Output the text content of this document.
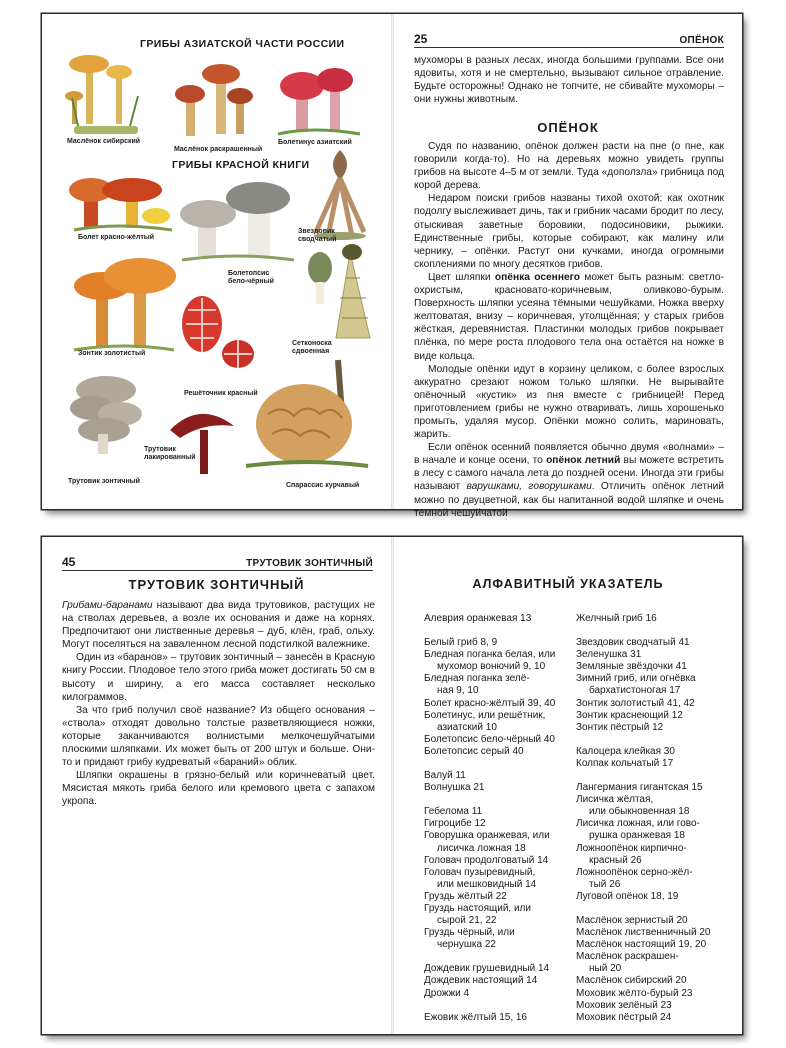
ГРИБЫ АЗИАТСКОЙ ЧАСТИ РОССИИ
ГРИБЫ КРАСНОЙ КНИГИ
Маслёнок сибирский
Маслёнок раскрашенный
Болетинус азиатский
Болет красно-жёлтый
Болетопсис бело-чёрный
Звездовик сводчатый
Зонтик золотистый
Сетконоска сдвоенная
Решёточник красный
Трутовик зонтичный
Трутовик лакированный
Спарассис курчавый
25	ОПЁНОК

мухоморы в разных лесах, иногда большими группами. Все они ядовиты, хотя и не смертельно, вызывают сильное отравление. Будьте осторожны! Однако не топчите, не сбивайте мухоморы – они нужны животным.

ОПЁНОК

Судя по названию, опёнок должен расти на пне (о пне, как говорили когда-то). Но на деревьях можно увидеть группы грибов на высоте 4–5 м от земли. Туда «доползла» грибница под корой дерева.

Недаром поиски грибов названы тихой охотой: как охотник подолгу выслеживает дичь, так и грибник часами бродит по лесу, отыскивая заветные боровики, подосиновики, рыжики. Единственные грибы, которые собирают, как малину или чернику, – опёнки. Растут они кучками, иногда огромными скоплениями по многу десятков грибов.

Цвет шляпки опёнка осеннего может быть разным: светло-охристым, красновато-коричневым, оливково-бурым. Поверхность шляпки усеяна тёмными чешуйками. Ножка вверху желтоватая, внизу – коричневая, утолщённая; у старых грибов жёсткая, деревянистая. Пластинки молодых грибов покрывает плёнка, по мере роста плодового тела она остаётся на ножке в виде кольца.

Молодые опёнки идут в корзину целиком, с более взрослых аккуратно срезают ножом только шляпки. Не вырывайте опёночный «кустик» из пня вместе с грибницей! Перед приготовлением грибы не нужно отваривать, лишь хорошенько промыть, удаляя мусор. Опёнки можно солить, мариновать, жарить.

Если опёнок осенний появляется обычно двумя «волнами» – в начале и конце осени, то опёнок летний вы можете встретить в лесу с самого начала лета до поздней осени. Иногда эти грибы называют варушками, говорушками. Отличить опёнок летний можно по двуцветной, как бы напитанной водой шляпке и очень тёмной чешуйчатой

45	ТРУТОВИК ЗОНТИЧНЫЙ
ТРУТОВИК ЗОНТИЧНЫЙ

Грибами-баранами называют два вида трутовиков, растущих не на стволах деревьев, а возле их основания и даже на корнях. Предпочитают они лиственные деревья – дуб, клён, граб, ольху. Могут поселяться на заваленном лесной подстилкой валежнике.

Один из «баранов» – трутовик зонтичный – занесён в Красную книгу России. Плодовое тело этого гриба может достигать 50 см в высоту и ширину, а его масса составляет несколько килограммов.

За что гриб получил своё название? Из общего основания – «ствола» отходят довольно толстые разветвляющиеся ножки, которые заканчиваются волнистыми мелкочешуйчатыми плоскими шляпками. Их может быть от 200 штук и больше. Они-то и придают грибу кудреватый «бараний» облик.

Шляпки окрашены в грязно-белый или коричневатый цвет. Мясистая мякоть гриба белого или кремового цвета с запахом укропа.

АЛФАВИТНЫЙ УКАЗАТЕЛЬ
Алеврия оранжевая 13
Белый гриб 8, 9
Бледная поганка белая, или
мухомор вонючий 9, 10
Бледная поганка зелё-
ная 9, 10
Болет красно-жёлтый 39, 40
Болетинус, или решётник,
азиатский 10
Болетопсис бело-чёрный 40
Болетопсис серый 40
Валуй 11
Волнушка 21
Гебелома 11
Гигроцибе 12
Говорушка оранжевая, или
лисичка ложная 18
Головач продолговатый 14
Головач пузыревидный,
или мешковидный 14
Груздь жёлтый 22
Груздь настоящий, или
сырой 21, 22
Груздь чёрный, или
чернушка 22
Дождевик грушевидный 14
Дождевик настоящий 14
Дрожжи 4
Ежовик жёлтый 15, 16
Желчный гриб 16
Звездовик сводчатый 41
Зеленушка 31
Земляные звёздочки 41
Зимний гриб, или огнёвка
бархатистоногая 17
Зонтик золотистый 41, 42
Зонтик краснеющий 12
Зонтик пёстрый 12
Калоцера клейкая 30
Колпак кольчатый 17
Лангермания гигантская 15
Лисичка жёлтая,
или обыкновенная 18
Лисичка ложная, или гово-
рушка оранжевая 18
Ложноопёнок кирпично-
красный 26
Ложноопёнок серно-жёл-
тый 26
Луговой опёнок 18, 19
Маслёнок зернистый 20
Маслёнок лиственничный 20
Маслёнок настоящий 19, 20
Маслёнок раскрашен-
ный 20
Маслёнок сибирский 20
Моховик жёлто-бурый 23
Моховик зелёный 23
Моховик пёстрый 24
